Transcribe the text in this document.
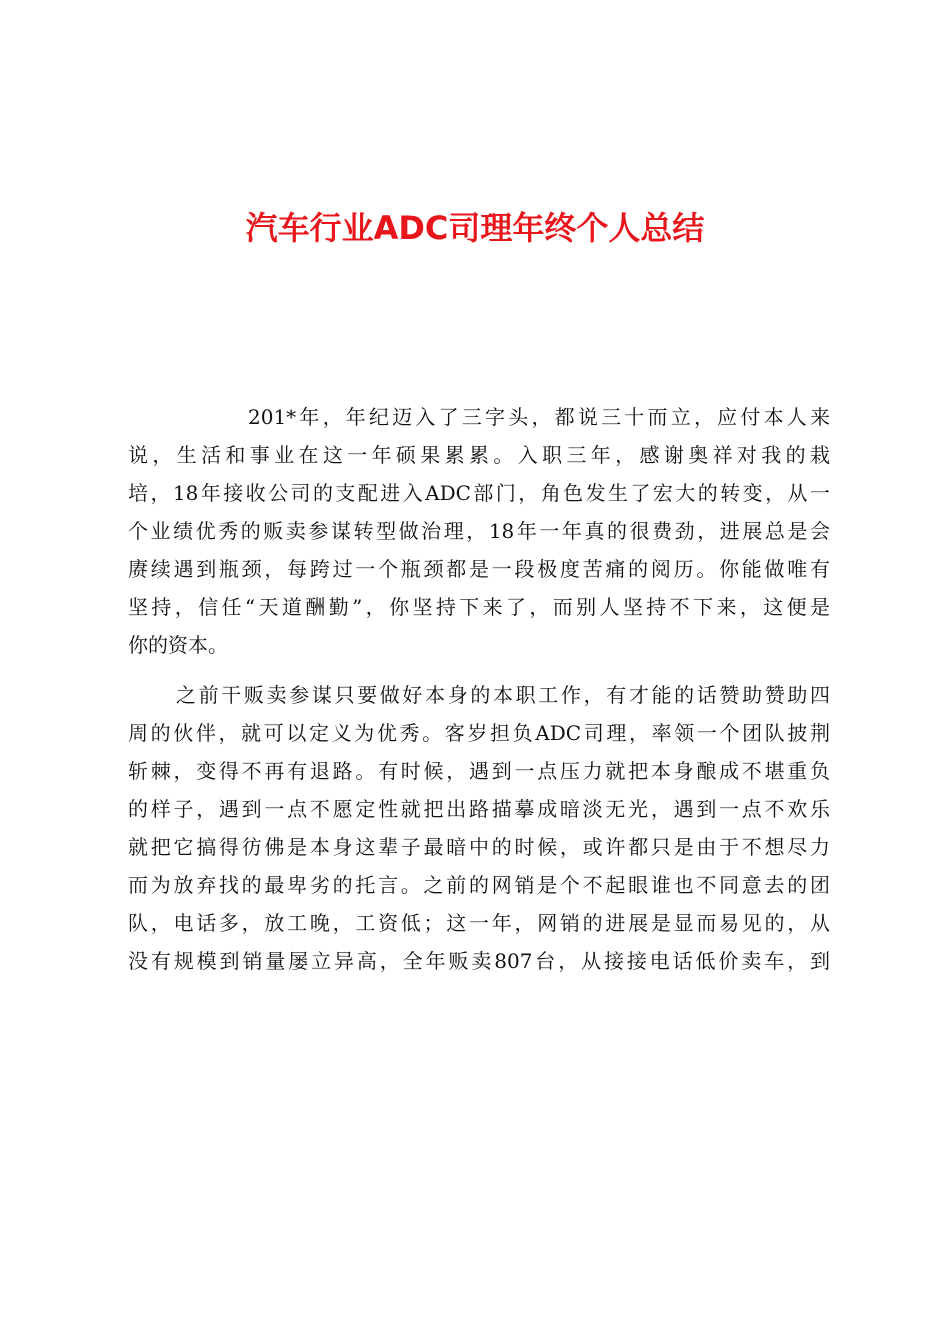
汽车行业ADC司理年终个人总结
201*年，年纪迈入了三字头，都说三十而立，应付本人来
说，生活和事业在这一年硕果累累。入职三年，感谢奥祥对我的栽
培，18年接收公司的支配进入ADC部门，角色发生了宏大的转变，从一
个业绩优秀的贩卖参谋转型做治理，18年一年真的很费劲，进展总是会
赓续遇到瓶颈，每跨过一个瓶颈都是一段极度苦痛的阅历。你能做唯有
坚持，信任“天道酬勤”，你坚持下来了，而别人坚持不下来，这便是
你的资本。
之前干贩卖参谋只要做好本身的本职工作，有才能的话赞助赞助四
周的伙伴，就可以定义为优秀。客岁担负ADC司理，率领一个团队披荆
斩棘，变得不再有退路。有时候，遇到一点压力就把本身酿成不堪重负
的样子，遇到一点不愿定性就把出路描摹成暗淡无光，遇到一点不欢乐
就把它搞得彷佛是本身这辈子最暗中的时候，或许都只是由于不想尽力
而为放弃找的最卑劣的托言。之前的网销是个不起眼谁也不同意去的团
队，电话多，放工晚，工资低；这一年，网销的进展是显而易见的，从
没有规模到销量屡立异高，全年贩卖807台，从接接电话低价卖车，到
